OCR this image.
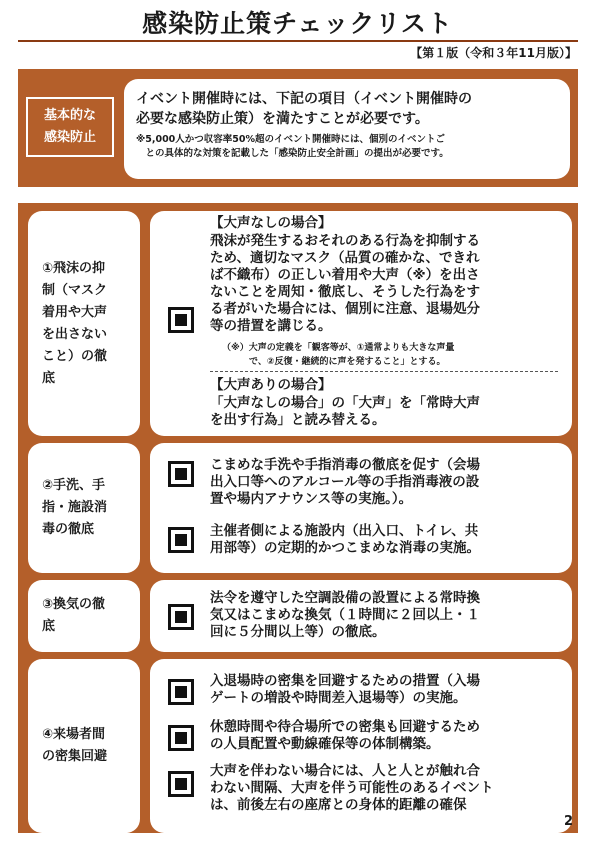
感染防止策チェックリスト
【第１版（令和３年11月版）】
基本的な
感染防止

イベント開催時には、下記の項目（イベント開催時の
必要な感染防止策）を満たすことが必要です。

※5,000人かつ収容率50%超のイベント開催時には、個別のイベントご
　との具体的な対策を記載した「感染防止安全計画」の提出が必要です。

①飛沫の抑
制（マスク
着用や大声
を出さない
こと）の徹
底
【大声なしの場合】
飛沫が発生するおそれのある行為を抑制する
ため、適切なマスク（品質の確かな、できれ
ば不織布）の正しい着用や大声（※）を出さ
ないことを周知・徹底し、そうした行為をす
る者がいた場合には、個別に注意、退場処分
等の措置を講じる。
（※）大声の定義を「観客等が、①通常よりも大きな声量
　　　で、②反復・継続的に声を発すること」とする。
【大声ありの場合】
「大声なしの場合」の「大声」を「常時大声
を出す行為」と読み替える。
②手洗、手
指・施設消
毒の徹底
こまめな手洗や手指消毒の徹底を促す（会場
出入口等へのアルコール等の手指消毒液の設
置や場内アナウンス等の実施。）。
主催者側による施設内（出入口、トイレ、共
用部等）の定期的かつこまめな消毒の実施。
③換気の徹
底
法令を遵守した空調設備の設置による常時換
気又はこまめな換気（１時間に２回以上・１
回に５分間以上等）の徹底。
④来場者間
の密集回避
入退場時の密集を回避するための措置（入場
ゲートの増設や時間差入退場等）の実施。
休憩時間や待合場所での密集も回避するため
の人員配置や動線確保等の体制構築。
大声を伴わない場合には、人と人とが触れ合
わない間隔、大声を伴う可能性のあるイベント
は、前後左右の座席との身体的距離の確保
2
